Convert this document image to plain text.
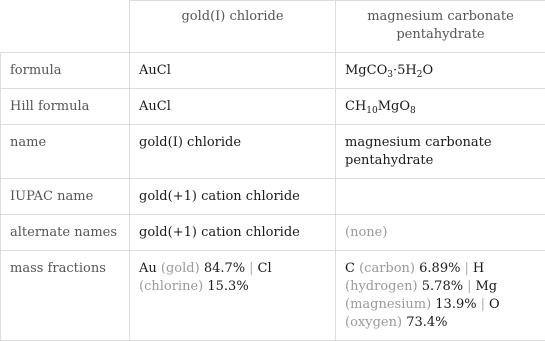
	gold(I) chloride	magnesium carbonate pentahydrate
formula	AuCl	$MgCO_3\cdot 5H_2O$
Hill formula	AuCl	$CH_{10}MgO_8$
name	gold(I) chloride	magnesium carbonate pentahydrate
IUPAC name	gold(+1) cation chloride	
alternate names	gold(+1) cation chloride	(none)
mass fractions	Au (gold) 84.7% | Cl (chlorine) 15.3%	C (carbon) 6.89% | H (hydrogen) 5.78% | Mg (magnesium) 13.9% | O (oxygen) 73.4%
